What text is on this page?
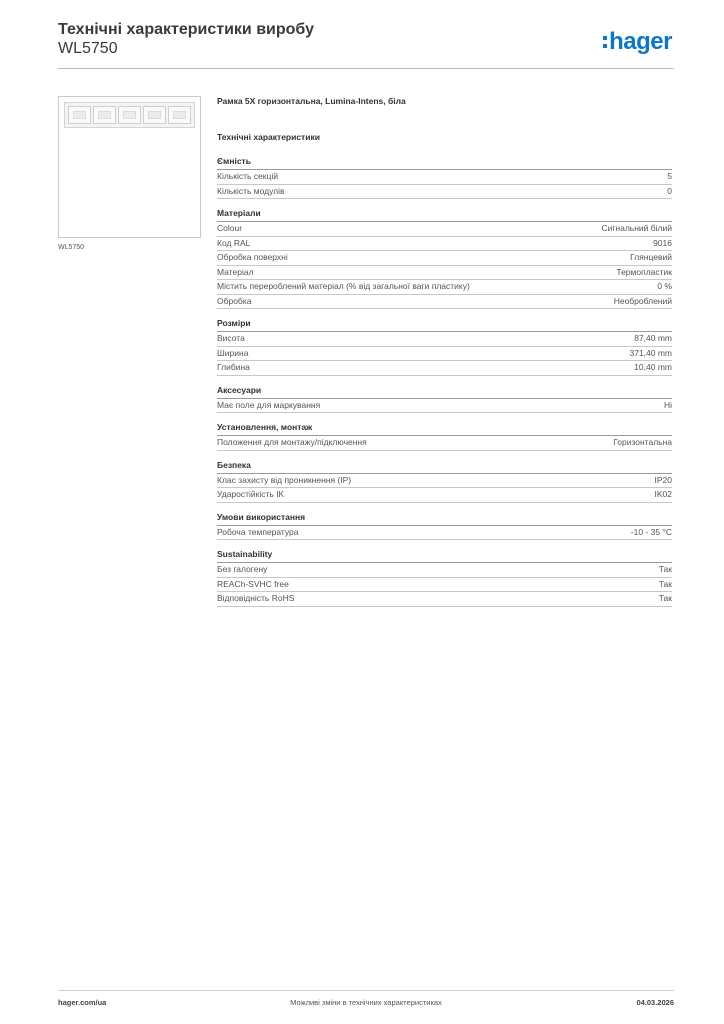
Технічні характеристики виробу
WL5750	hager
WL5750
Рамка 5X горизонтальна, Lumina-Intens, біла
Технічні характеристики
Ємність
Кількість секцій	5
Кількість модулів	0
Матеріали
Colour	Сигнальний білий
Код RAL	9016
Обробка поверхні	Глянцевий
Матеріал	Термопластик
Містить перероблений матеріал (% від загальної ваги пластику)	0 %
Обробка	Необроблений
Розміри
Висота	87,40 mm
Ширина	371,40 mm
Глибина	10,40 mm
Аксесуари
Має поле для маркування	Ні
Установлення, монтаж
Положення для монтажу/підключення	Горизонтальна
Безпека
Клас захисту від проникнення (IP)	IP20
Ударостійкість IK	IK02
Умови використання
Робоча температура	-10 - 35 °C
Sustainability
Без галогену	Так
REACh-SVHC free	Так
Відповідність RoHS	Так
hager.com/ua	Можливі зміни в технічних характеристиках	04.03.2026
